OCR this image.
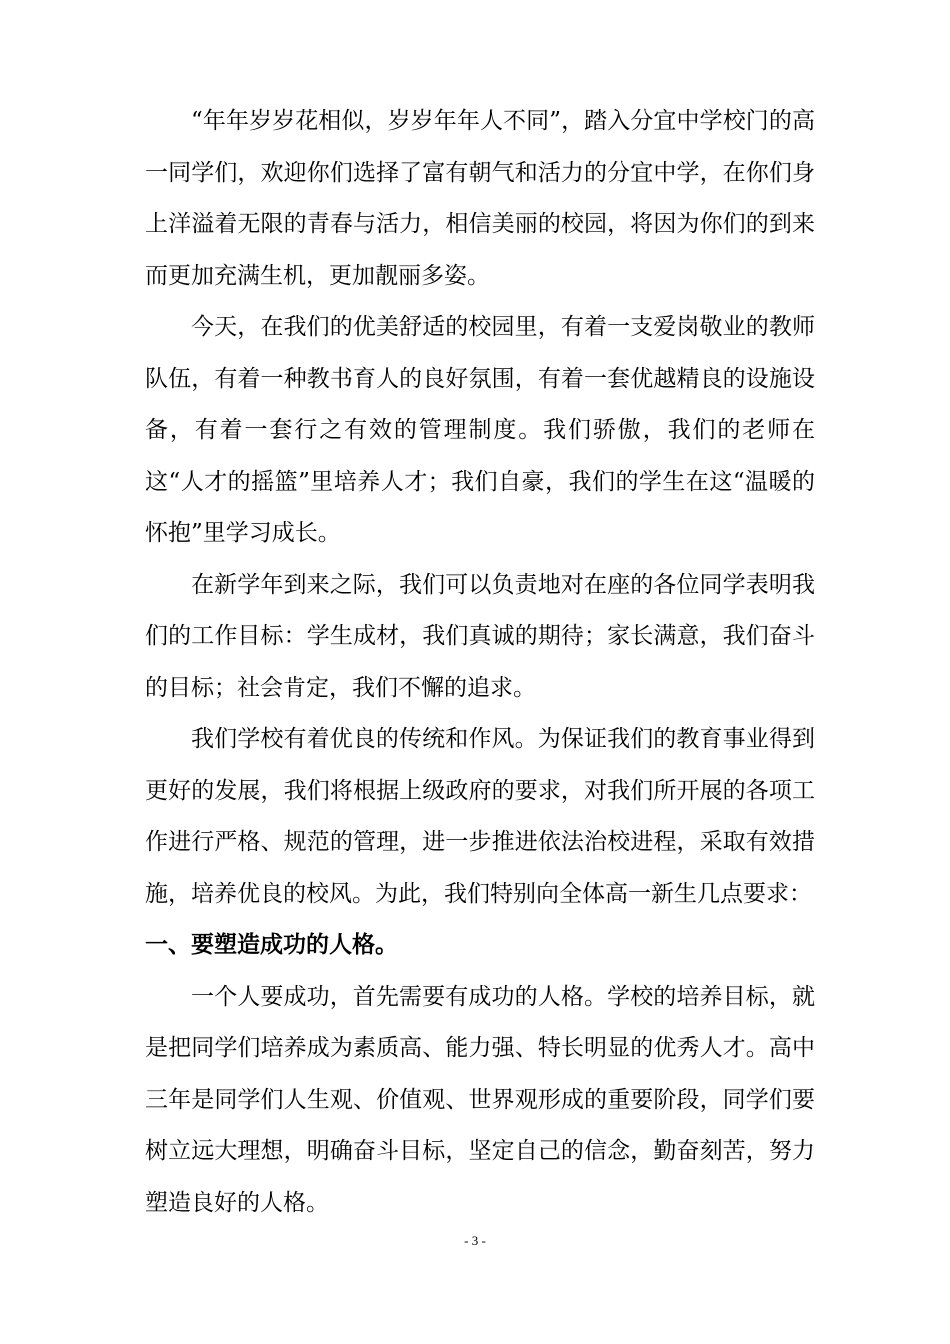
“年年岁岁花相似，岁岁年年人不同”，踏入分宜中学校门的高一同学们，欢迎你们选择了富有朝气和活力的分宜中学，在你们身上洋溢着无限的青春与活力，相信美丽的校园，将因为你们的到来而更加充满生机，更加靓丽多姿。

今天，在我们的优美舒适的校园里，有着一支爱岗敬业的教师队伍，有着一种教书育人的良好氛围，有着一套优越精良的设施设备，有着一套行之有效的管理制度。我们骄傲，我们的老师在这“人才的摇篮”里培养人才；我们自豪，我们的学生在这“温暖的怀抱”里学习成长。

在新学年到来之际，我们可以负责地对在座的各位同学表明我们的工作目标：学生成材，我们真诚的期待；家长满意，我们奋斗的目标；社会肯定，我们不懈的追求。

我们学校有着优良的传统和作风。为保证我们的教育事业得到更好的发展，我们将根据上级政府的要求，对我们所开展的各项工作进行严格、规范的管理，进一步推进依法治校进程，采取有效措施，培养优良的校风。为此，我们特别向全体高一新生几点要求：

一、要塑造成功的人格。

一个人要成功，首先需要有成功的人格。学校的培养目标，就是把同学们培养成为素质高、能力强、特长明显的优秀人才。高中三年是同学们人生观、价值观、世界观形成的重要阶段，同学们要树立远大理想，明确奋斗目标，坚定自己的信念，勤奋刻苦，努力塑造良好的人格。

- 3 -
